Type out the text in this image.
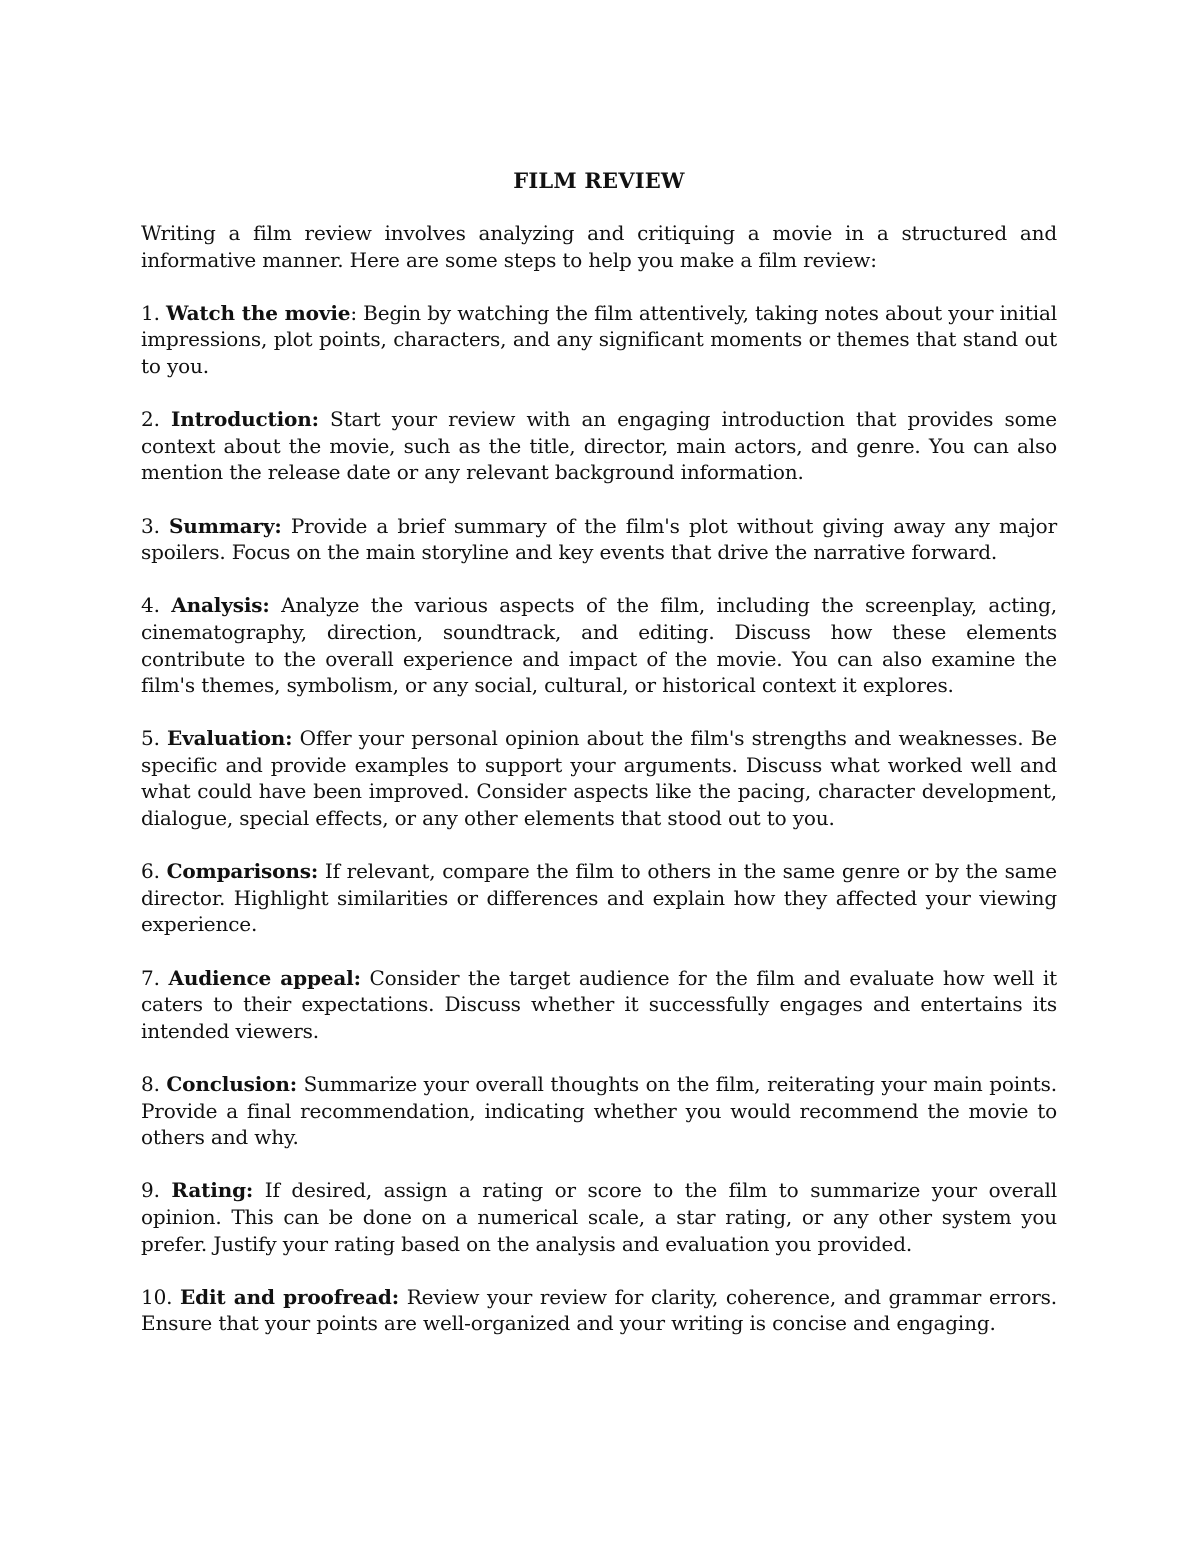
FILM REVIEW

Writing a film review involves analyzing and critiquing a movie in a structured and informative manner. Here are some steps to help you make a film review:

1. Watch the movie: Begin by watching the film attentively, taking notes about your initial impressions, plot points, characters, and any significant moments or themes that stand out to you.

2. Introduction: Start your review with an engaging introduction that provides some context about the movie, such as the title, director, main actors, and genre. You can also mention the release date or any relevant background information.

3. Summary: Provide a brief summary of the film's plot without giving away any major spoilers. Focus on the main storyline and key events that drive the narrative forward.

4. Analysis: Analyze the various aspects of the film, including the screenplay, acting, cinematography, direction, soundtrack, and editing. Discuss how these elements contribute to the overall experience and impact of the movie. You can also examine the film's themes, symbolism, or any social, cultural, or historical context it explores.

5. Evaluation: Offer your personal opinion about the film's strengths and weaknesses. Be specific and provide examples to support your arguments. Discuss what worked well and what could have been improved. Consider aspects like the pacing, character development, dialogue, special effects, or any other elements that stood out to you.

6. Comparisons: If relevant, compare the film to others in the same genre or by the same director. Highlight similarities or differences and explain how they affected your viewing experience.

7. Audience appeal: Consider the target audience for the film and evaluate how well it caters to their expectations. Discuss whether it successfully engages and entertains its intended viewers.

8. Conclusion: Summarize your overall thoughts on the film, reiterating your main points. Provide a final recommendation, indicating whether you would recommend the movie to others and why.

9. Rating: If desired, assign a rating or score to the film to summarize your overall opinion. This can be done on a numerical scale, a star rating, or any other system you prefer. Justify your rating based on the analysis and evaluation you provided.

10. Edit and proofread: Review your review for clarity, coherence, and grammar errors. Ensure that your points are well-organized and your writing is concise and engaging.
